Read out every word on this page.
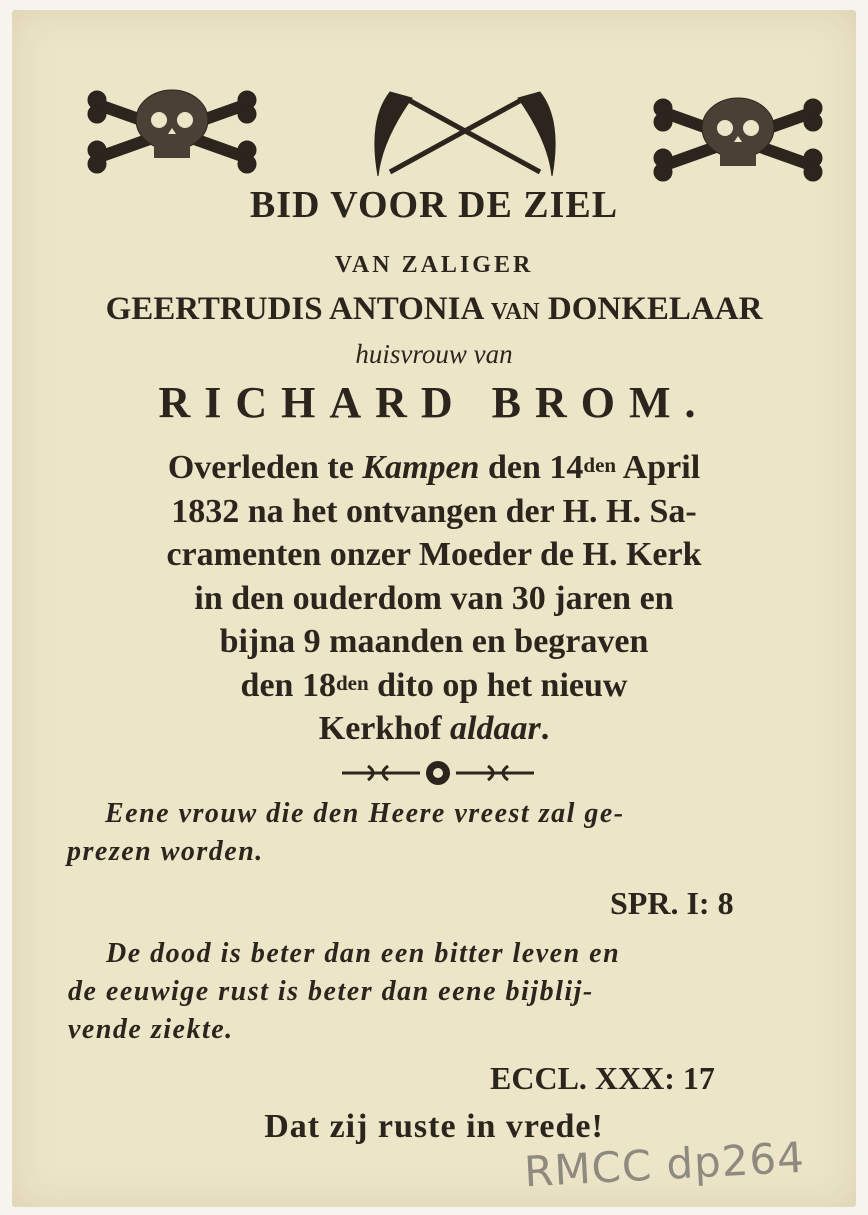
BID VOOR DE ZIEL
VAN ZALIGER
GEERTRUDIS ANTONIA VAN DONKELAAR
huisvrouw van
RICHARD BROM.
Overleden te Kampen den $14^{den}$ April
1832 na het ontvangen der H. H. Sa-
cramenten onzer Moeder de H. Kerk
in den ouderdom van 30 jaren en
bijna 9 maanden en begraven
den $18^{den}$ dito op het nieuw
Kerkhof aldaar.
Eene vrouw die den Heere vreest zal ge-
prezen worden.
SPR. I: 8
De dood is beter dan een bitter leven en
de eeuwige rust is beter dan eene bijblij-
vende ziekte.
ECCL. XXX: 17
Dat zij ruste in vrede!
RMCC dp264
